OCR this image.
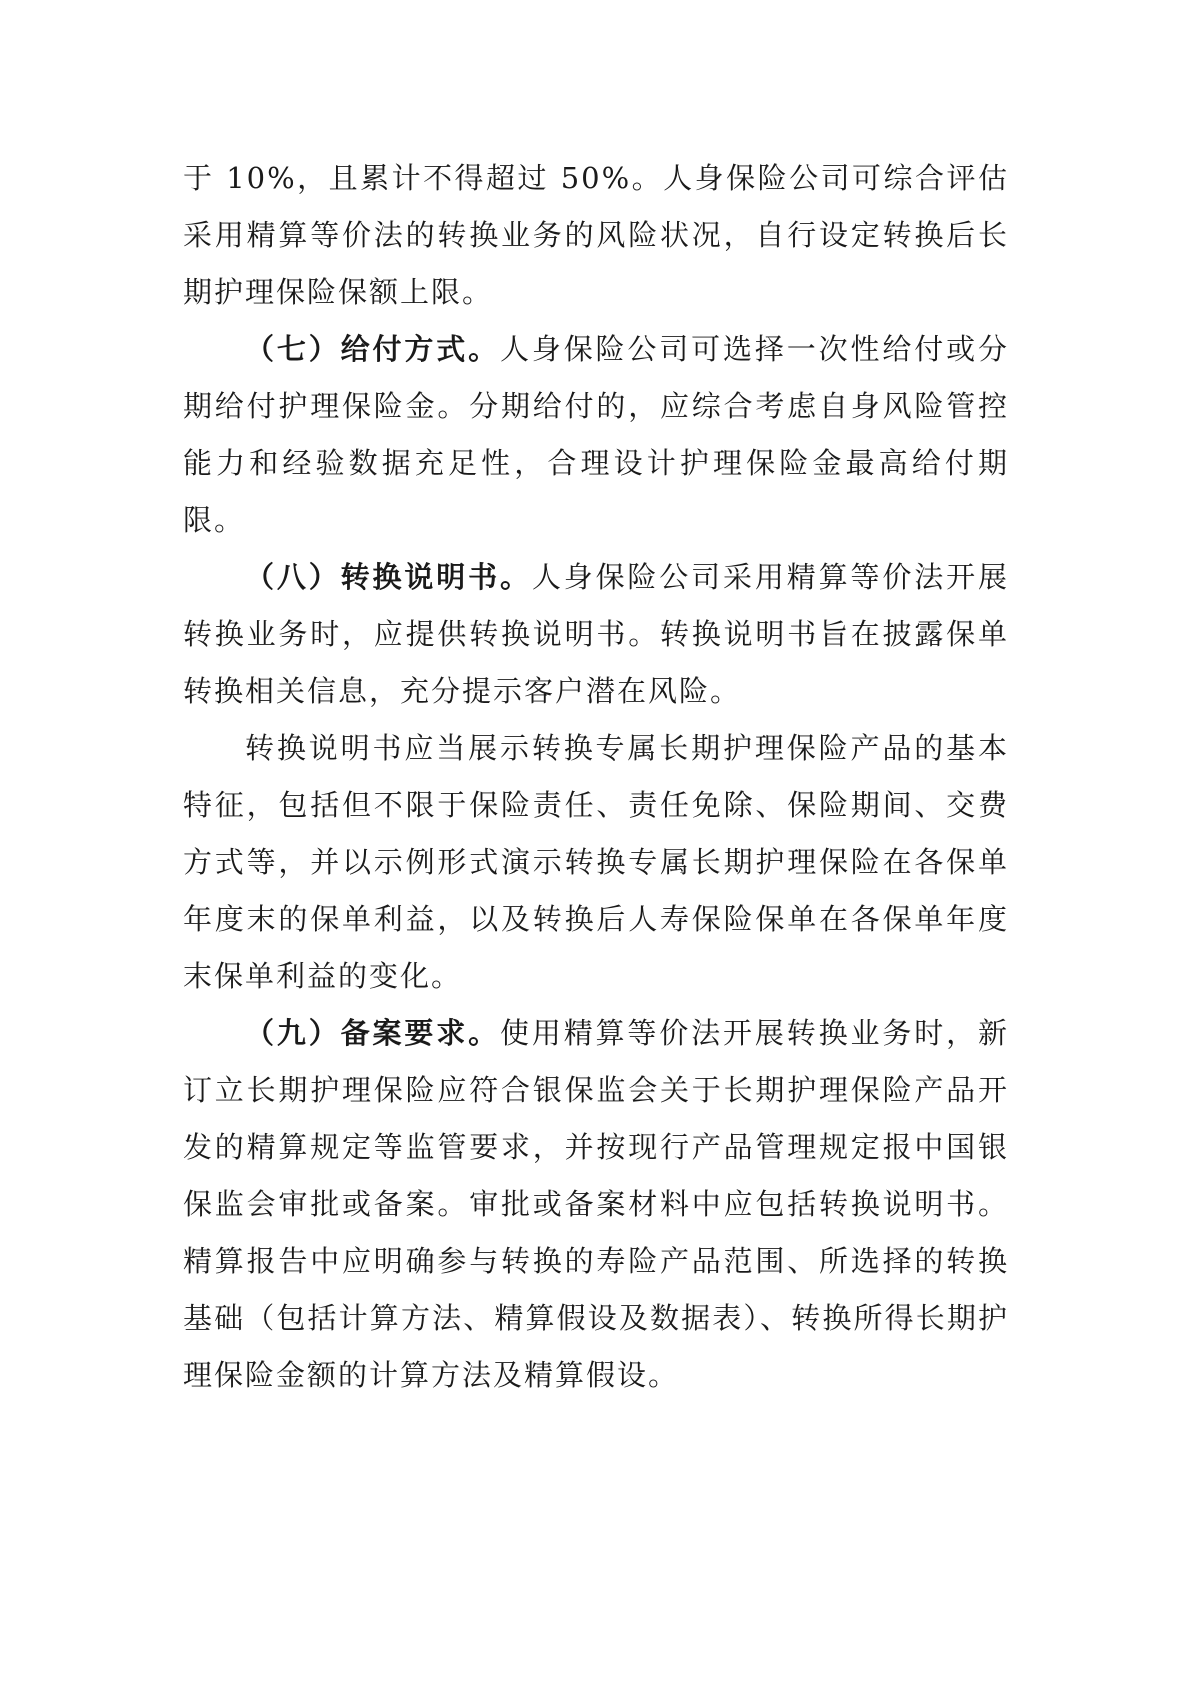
于 10%，且累计不得超过 50%。人身保险公司可综合评估采用精算等价法的转换业务的风险状况，自行设定转换后长期护理保险保额上限。

（七）给付方式。人身保险公司可选择一次性给付或分期给付护理保险金。分期给付的，应综合考虑自身风险管控能力和经验数据充足性，合理设计护理保险金最高给付期限。

（八）转换说明书。人身保险公司采用精算等价法开展转换业务时，应提供转换说明书。转换说明书旨在披露保单转换相关信息，充分提示客户潜在风险。

转换说明书应当展示转换专属长期护理保险产品的基本特征，包括但不限于保险责任、责任免除、保险期间、交费方式等，并以示例形式演示转换专属长期护理保险在各保单年度末的保单利益，以及转换后人寿保险保单在各保单年度末保单利益的变化。

（九）备案要求。使用精算等价法开展转换业务时，新订立长期护理保险应符合银保监会关于长期护理保险产品开发的精算规定等监管要求，并按现行产品管理规定报中国银保监会审批或备案。审批或备案材料中应包括转换说明书。精算报告中应明确参与转换的寿险产品范围、所选择的转换基础（包括计算方法、精算假设及数据表）、转换所得长期护理保险金额的计算方法及精算假设。
